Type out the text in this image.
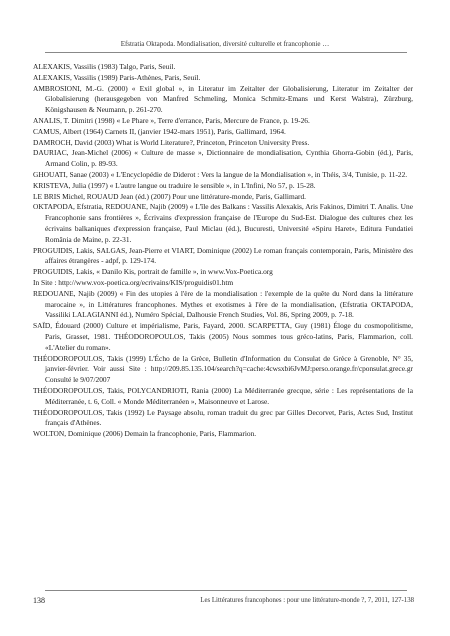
Efstratia Oktapoda. Mondialisation, diversité culturelle et francophonie …

ALEXAKIS, Vassilis (1983) Talgo, Paris, Seuil.

ALEXAKIS, Vassilis (1989) Paris-Athènes, Paris, Seuil.

AMBROSIONI, M.-G. (2000) « Exil global », in Literatur im Zeitalter der Globalisierung, Literatur im Zeitalter der Globalisierung (herausgegeben von Manfred Schmeling, Monica Schmitz-Emans und Kerst Walstra), Zürzburg, Königshausen & Neumann, p. 261-270.

ANALIS, T. Dimitri (1998) « Le Phare », Terre d'errance, Paris, Mercure de France, p. 19-26.

CAMUS, Albert (1964) Carnets II, (janvier 1942-mars 1951), Paris, Gallimard, 1964.

DAMROCH, David (2003) What is World Literature?, Princeton, Princeton University Press.

DAURIAC, Jean-Michel (2006) « Culture de masse », Dictionnaire de mondialisation, Cynthia Ghorra-Gobin (éd.), Paris, Armand Colin, p. 89-93.

GHOUATI, Sanae (2003) « L'Encyclopédie de Diderot : Vers la langue de la Mondialisation », in Théis, 3/4, Tunisie, p. 11-22.

KRISTEVA, Julia (1997) « L'autre langue ou traduire le sensible », in L'Infini, No 57, p. 15-28.

LE BRIS Michel, ROUAUD Jean (éd.) (2007) Pour une littérature-monde, Paris, Gallimard.

OKTAPODA, Efstratia, REDOUANE, Najib (2009) « L'île des Balkans : Vassilis Alexakis, Aris Fakinos, Dimitri T. Analis. Une Francophonie sans frontières », Écrivains d'expression française de l'Europe du Sud-Est. Dialogue des cultures chez les écrivains balkaniques d'expression française, Paul Miclau (éd.), Bucuresti, Université «Spiru Haret», Editura Fundatiei România de Maine, p. 22-31.

PROGUIDIS, Lakis, SALGAS, Jean-Pierre et VIART, Dominique (2002) Le roman français contemporain, Paris, Ministère des affaires étrangères - adpf, p. 129-174.

PROGUIDIS, Lakis, « Danilo Kis, portrait de famille », in www.Vox-Poetica.org

In Site : http://www.vox-poetica.org/ecrivains/KIS/proguidis01.htm

REDOUANE, Najib (2009) « Fin des utopies à l'ère de la mondialisation : l'exemple de la quête du Nord dans la littérature marocaine », in Littératures francophones. Mythes et exotismes à l'ère de la mondialisation, (Efstratia OKTAPODA, Vassiliki LALAGIANNI éd.), Numéro Spécial, Dalhousie French Studies, Vol. 86, Spring 2009, p. 7-18.

SAÏD, Édouard (2000) Culture et impérialisme, Paris, Fayard, 2000. SCARPETTA, Guy (1981) Éloge du cosmopolitisme, Paris, Grasset, 1981. THÉODOROPOULOS, Takis (2005) Nous sommes tous gréco-latins, Paris, Flammarion, coll. «L'Atelier du roman».

THÉODOROPOULOS, Takis (1999) L'Écho de la Grèce, Bulletin d'Information du Consulat de Grèce à Grenoble, N° 35, janvier-février. Voir aussi Site : http://209.85.135.104/search?q=cache:4cwsxbi6JvMJ:perso.orange.fr/cponsulat.grece.gr Consulté le 9/07/2007

THÉODOROPOULOS, Takis, POLYCANDRIOTI, Rania (2000) La Méditerranée grecque, série : Les représentations de la Méditerranée, t. 6, Coll. « Monde Méditerranéen », Maisonneuve et Larose.

THÉODOROPOULOS, Takis (1992) Le Paysage absolu, roman traduit du grec par Gilles Decorvet, Paris, Actes Sud, Institut français d'Athènes.

WOLTON, Dominique (2006) Demain la francophonie, Paris, Flammarion.

138	Les Littératures francophones : pour une littérature-monde ?, 7, 2011, 127-138
